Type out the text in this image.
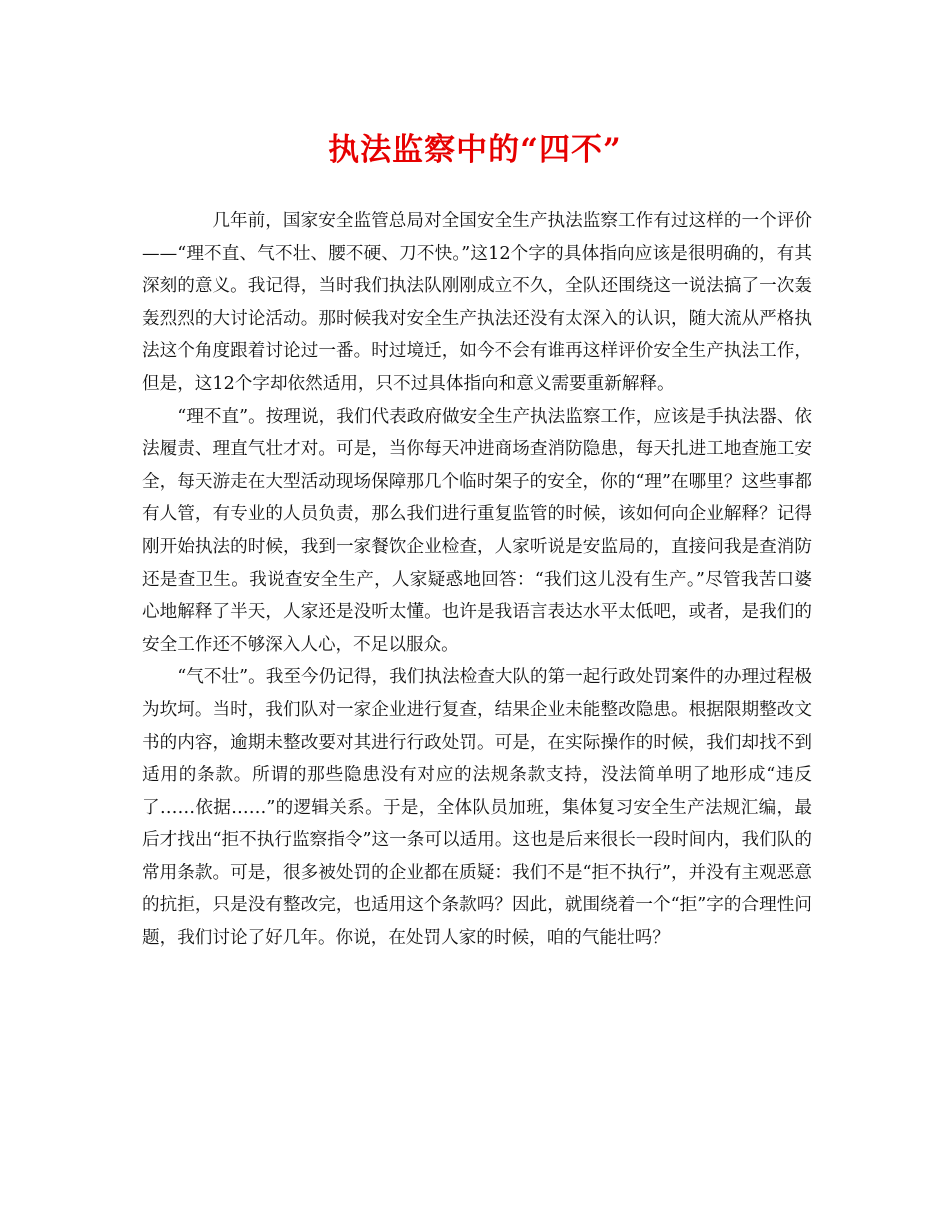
执法监察中的“四不”

几年前，国家安全监管总局对全国安全生产执法监察工作有过这样的一个评价——“理不直、气不壮、腰不硬、刀不快。”这12个字的具体指向应该是很明确的，有其深刻的意义。我记得，当时我们执法队刚刚成立不久，全队还围绕这一说法搞了一次轰轰烈烈的大讨论活动。那时候我对安全生产执法还没有太深入的认识，随大流从严格执法这个角度跟着讨论过一番。时过境迁，如今不会有谁再这样评价安全生产执法工作，但是，这12个字却依然适用，只不过具体指向和意义需要重新解释。

“理不直”。按理说，我们代表政府做安全生产执法监察工作，应该是手执法器、依法履责、理直气壮才对。可是，当你每天冲进商场查消防隐患，每天扎进工地查施工安全，每天游走在大型活动现场保障那几个临时架子的安全，你的“理”在哪里？这些事都有人管，有专业的人员负责，那么我们进行重复监管的时候，该如何向企业解释？记得刚开始执法的时候，我到一家餐饮企业检查，人家听说是安监局的，直接问我是查消防还是查卫生。我说查安全生产，人家疑惑地回答：“我们这儿没有生产。”尽管我苦口婆心地解释了半天，人家还是没听太懂。也许是我语言表达水平太低吧，或者，是我们的安全工作还不够深入人心，不足以服众。

“气不壮”。我至今仍记得，我们执法检查大队的第一起行政处罚案件的办理过程极为坎坷。当时，我们队对一家企业进行复查，结果企业未能整改隐患。根据限期整改文书的内容，逾期未整改要对其进行行政处罚。可是，在实际操作的时候，我们却找不到适用的条款。所谓的那些隐患没有对应的法规条款支持，没法简单明了地形成“违反了……依据……”的逻辑关系。于是，全体队员加班，集体复习安全生产法规汇编，最后才找出“拒不执行监察指令”这一条可以适用。这也是后来很长一段时间内，我们队的常用条款。可是，很多被处罚的企业都在质疑：我们不是“拒不执行”，并没有主观恶意的抗拒，只是没有整改完，也适用这个条款吗？因此，就围绕着一个“拒”字的合理性问题，我们讨论了好几年。你说，在处罚人家的时候，咱的气能壮吗？
